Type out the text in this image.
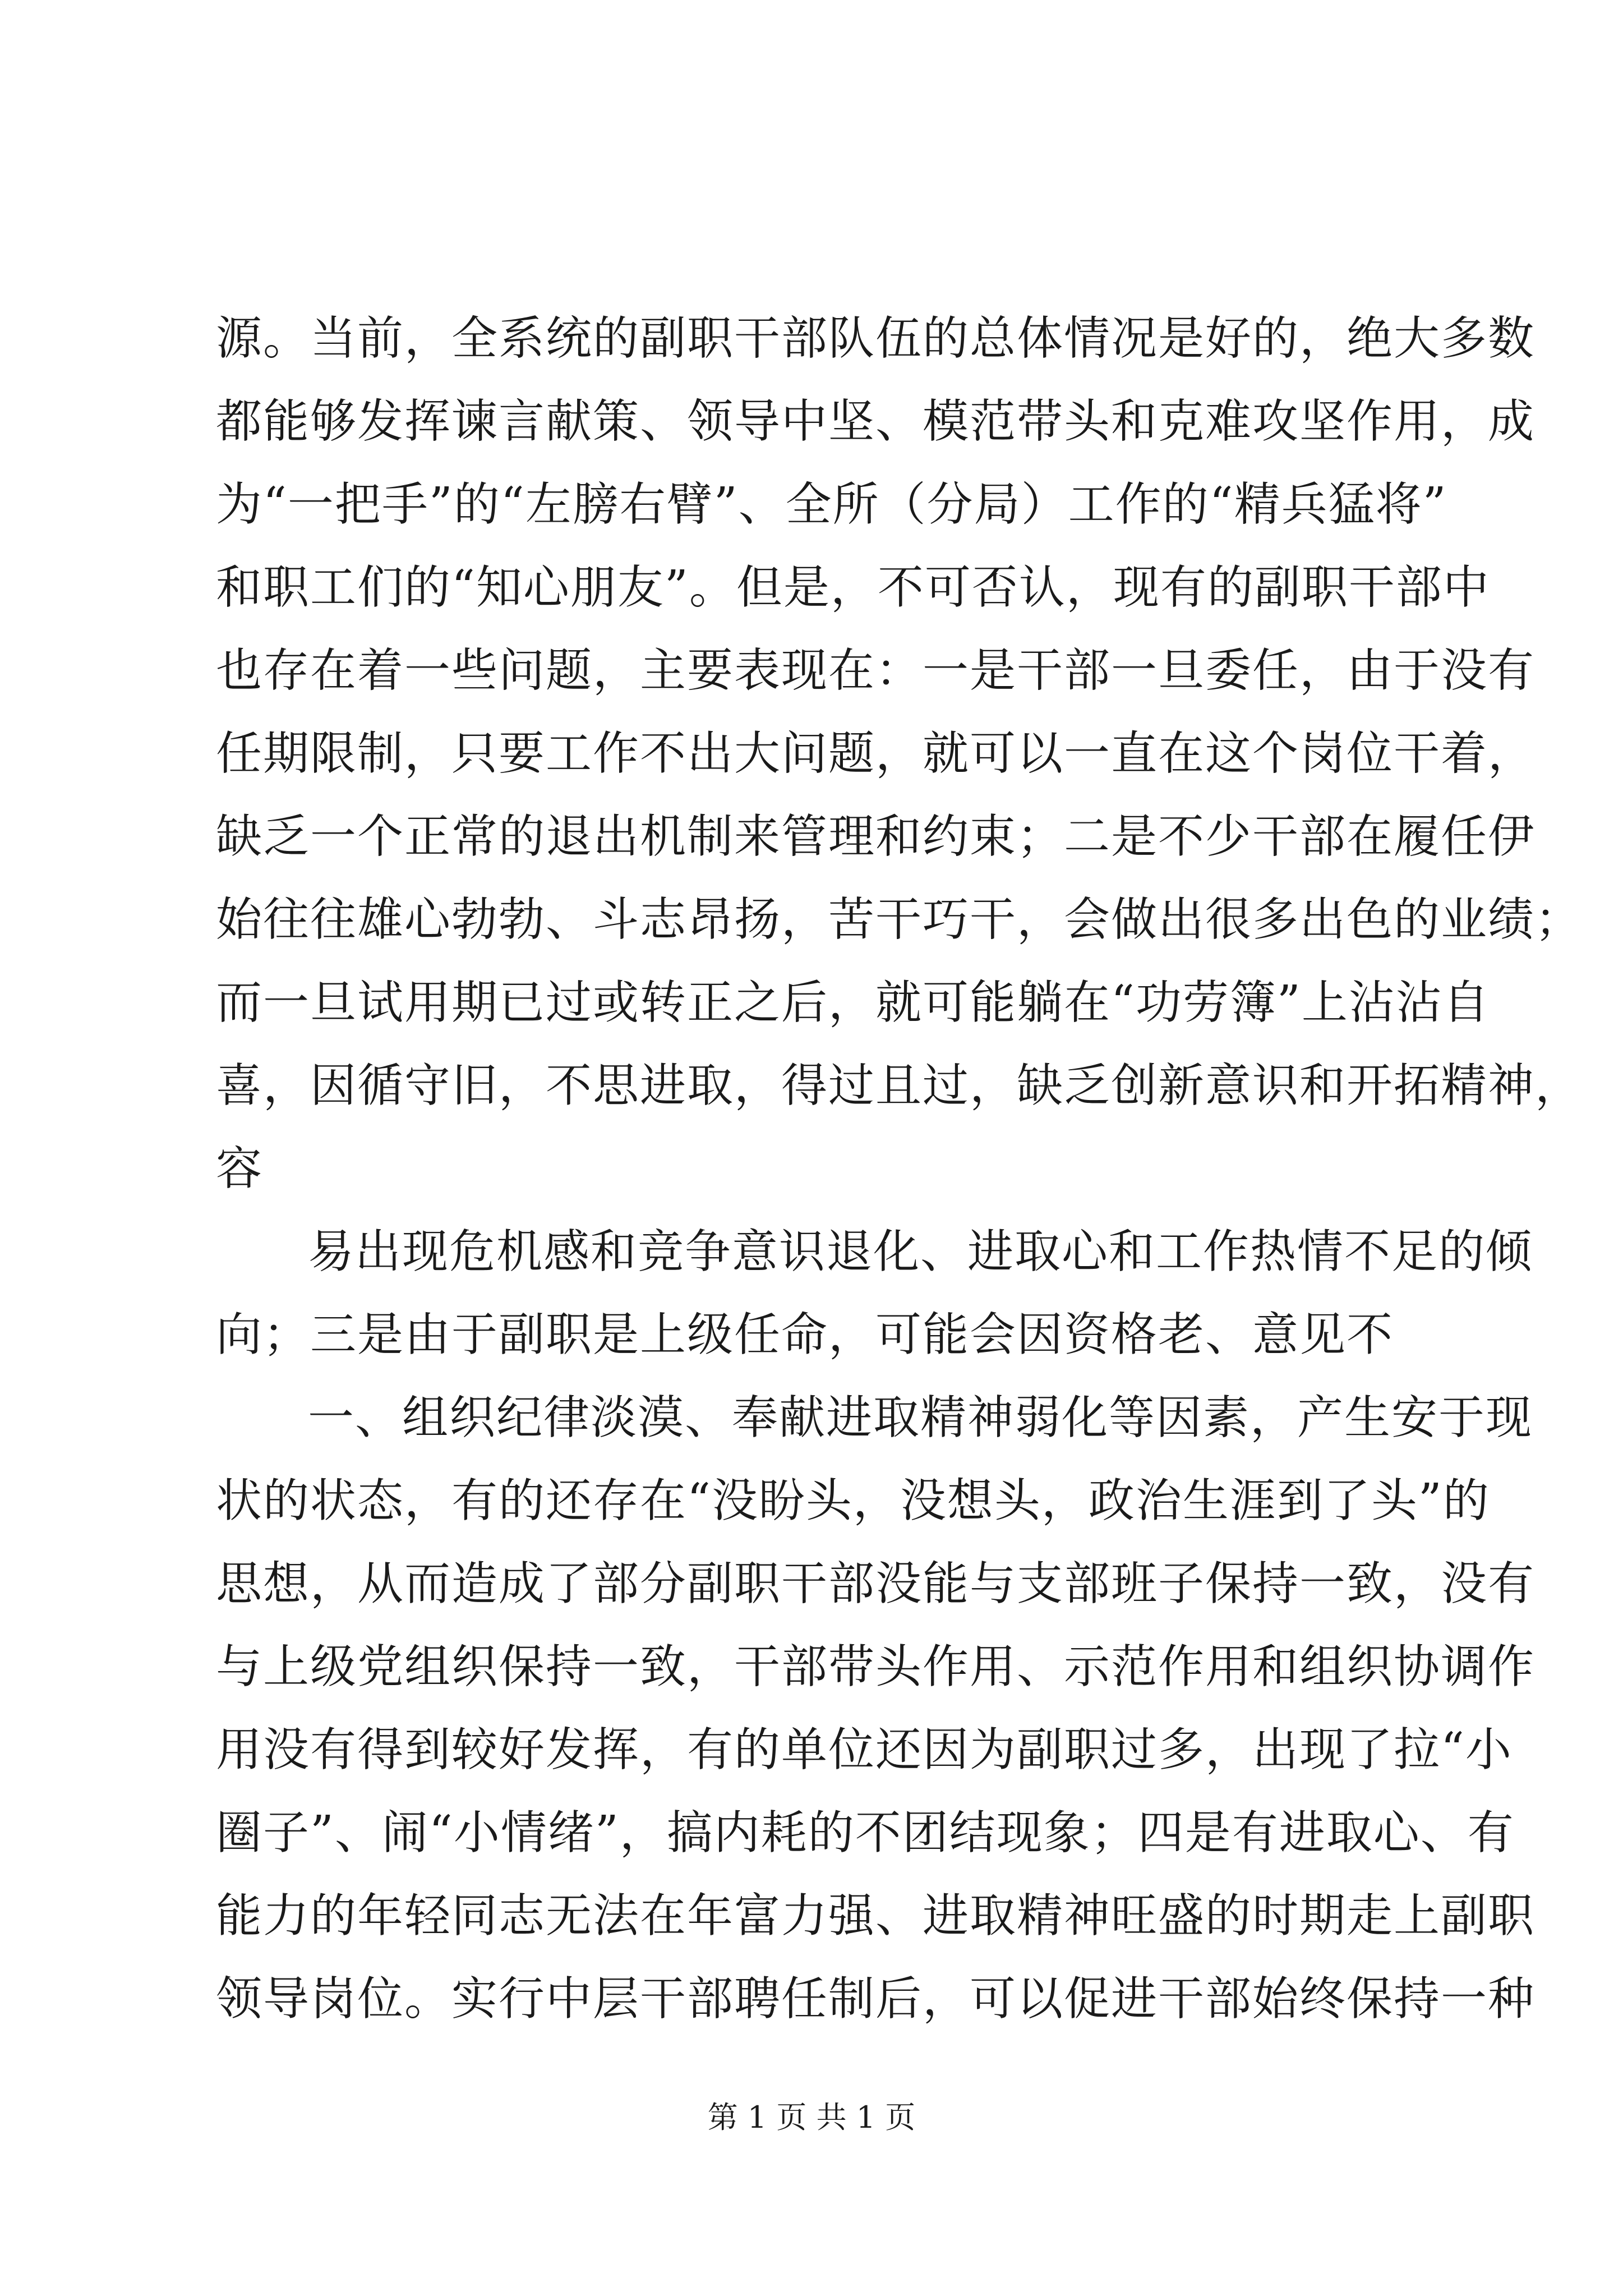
源。当前，全系统的副职干部队伍的总体情况是好的，绝大多数
都能够发挥谏言献策、领导中坚、模范带头和克难攻坚作用，成
为“一把手”的“左膀右臂”、全所（分局）工作的“精兵猛将”
和职工们的“知心朋友”。但是，不可否认，现有的副职干部中
也存在着一些问题，主要表现在：一是干部一旦委任，由于没有
任期限制，只要工作不出大问题，就可以一直在这个岗位干着，
缺乏一个正常的退出机制来管理和约束；二是不少干部在履任伊
始往往雄心勃勃、斗志昂扬，苦干巧干，会做出很多出色的业绩；
而一旦试用期已过或转正之后，就可能躺在“功劳簿”上沾沾自
喜，因循守旧，不思进取，得过且过，缺乏创新意识和开拓精神，
容
易出现危机感和竞争意识退化、进取心和工作热情不足的倾
向；三是由于副职是上级任命，可能会因资格老、意见不
一、组织纪律淡漠、奉献进取精神弱化等因素，产生安于现
状的状态，有的还存在“没盼头，没想头，政治生涯到了头”的
思想，从而造成了部分副职干部没能与支部班子保持一致，没有
与上级党组织保持一致，干部带头作用、示范作用和组织协调作
用没有得到较好发挥，有的单位还因为副职过多，出现了拉“小
圈子”、闹“小情绪”，搞内耗的不团结现象；四是有进取心、有
能力的年轻同志无法在年富力强、进取精神旺盛的时期走上副职
领导岗位。实行中层干部聘任制后，可以促进干部始终保持一种
第 1 页 共 1 页
